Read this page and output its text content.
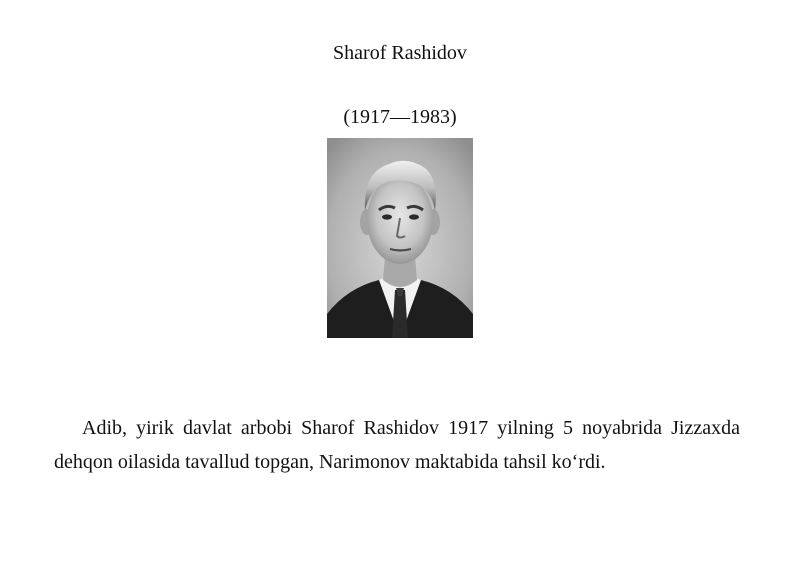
Sharof Rashidov
(1917—1983)

Adib, yirik davlat arbobi Sharof Rashidov 1917 yilning 5 noyabrida Jizzaxda dehqon oilasida tavallud topgan, Narimonov maktabida tahsil ko‘rdi.
